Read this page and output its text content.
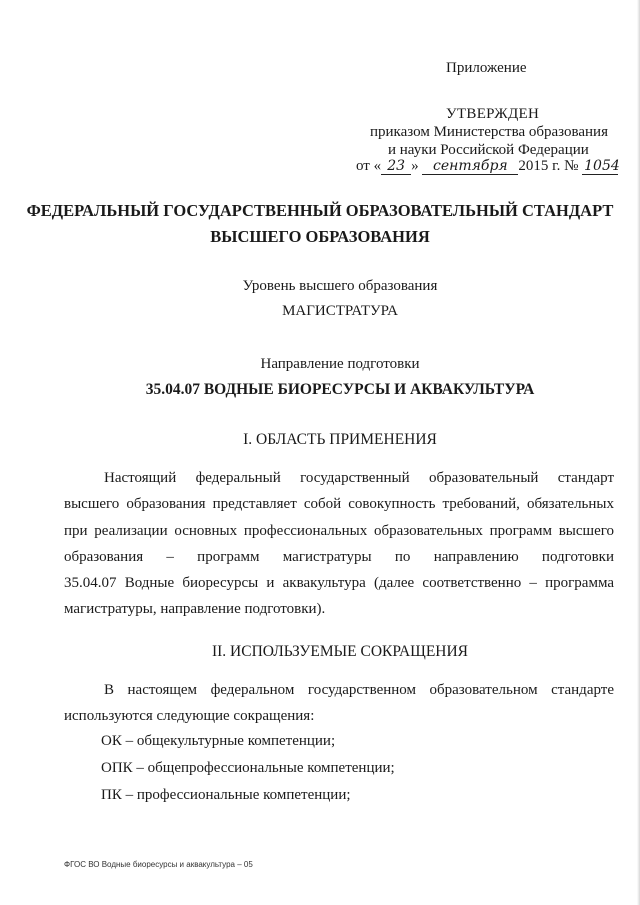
Приложение
УТВЕРЖДЕН
приказом Министерства образования
и науки Российской Федерации
от « 23 » сентября 2015 г. № 1054
ФЕДЕРАЛЬНЫЙ ГОСУДАРСТВЕННЫЙ ОБРАЗОВАТЕЛЬНЫЙ СТАНДАРТ
ВЫСШЕГО ОБРАЗОВАНИЯ
Уровень высшего образования
МАГИСТРАТУРА
Направление подготовки
35.04.07 ВОДНЫЕ БИОРЕСУРСЫ И АКВАКУЛЬТУРА
I. ОБЛАСТЬ ПРИМЕНЕНИЯ
Настоящий федеральный государственный образовательный стандарт
высшего образования представляет собой совокупность требований, обязательных
при реализации основных профессиональных образовательных программ высшего
образования – программ магистратуры по направлению подготовки
35.04.07 Водные биоресурсы и аквакультура (далее соответственно – программа
магистратуры, направление подготовки).
II. ИСПОЛЬЗУЕМЫЕ СОКРАЩЕНИЯ
В настоящем федеральном государственном образовательном стандарте
используются следующие сокращения:
ОК – общекультурные компетенции;
ОПК – общепрофессиональные компетенции;
ПК – профессиональные компетенции;
ФГОС ВО Водные биоресурсы и аквакультура – 05
